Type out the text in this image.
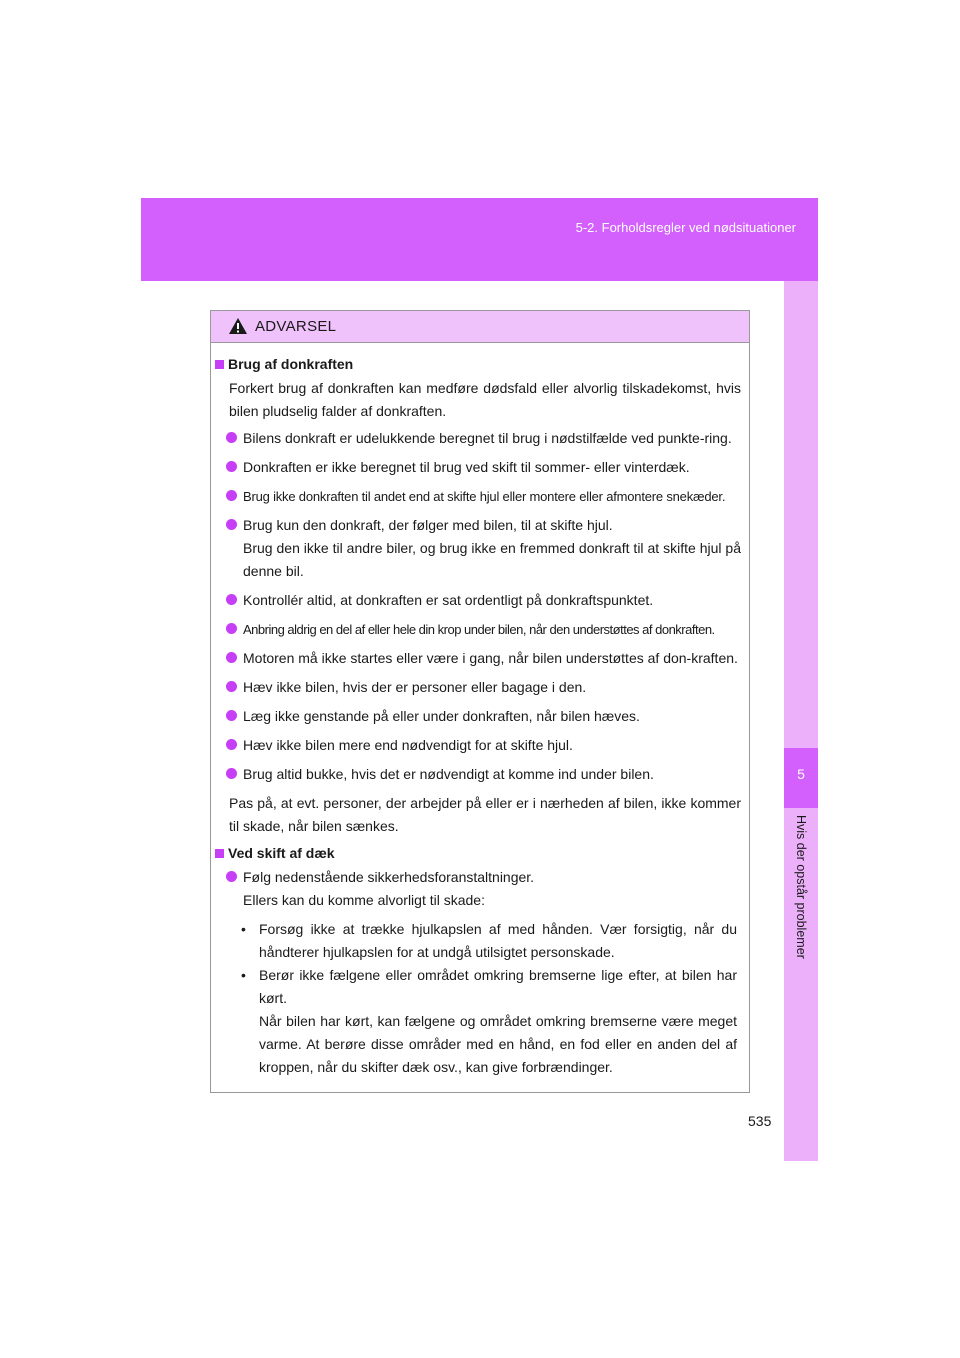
5-2. Forholdsregler ved nødsituationer
5
Hvis der opstår problemer
ADVARSEL
Brug af donkraften
Forkert brug af donkraften kan medføre dødsfald eller alvorlig tilskadekomst, hvis bilen pludselig falder af donkraften.
Bilens donkraft er udelukkende beregnet til brug i nødstilfælde ved punkte-ring.
Donkraften er ikke beregnet til brug ved skift til sommer- eller vinterdæk.
Brug ikke donkraften til andet end at skifte hjul eller montere eller afmontere snekæder.
Brug kun den donkraft, der følger med bilen, til at skifte hjul.
Brug den ikke til andre biler, og brug ikke en fremmed donkraft til at skifte hjul på denne bil.
Kontrollér altid, at donkraften er sat ordentligt på donkraftspunktet.
Anbring aldrig en del af eller hele din krop under bilen, når den understøttes af donkraften.
Motoren må ikke startes eller være i gang, når bilen understøttes af don-kraften.
Hæv ikke bilen, hvis der er personer eller bagage i den.
Læg ikke genstande på eller under donkraften, når bilen hæves.
Hæv ikke bilen mere end nødvendigt for at skifte hjul.
Brug altid bukke, hvis det er nødvendigt at komme ind under bilen.
Pas på, at evt. personer, der arbejder på eller er i nærheden af bilen, ikke kommer til skade, når bilen sænkes.
Ved skift af dæk
Følg nedenstående sikkerhedsforanstaltninger.
Ellers kan du komme alvorligt til skade:
• Forsøg ikke at trække hjulkapslen af med hånden. Vær forsigtig, når du håndterer hjulkapslen for at undgå utilsigtet personskade.
• Berør ikke fælgene eller området omkring bremserne lige efter, at bilen har kørt.
Når bilen har kørt, kan fælgene og området omkring bremserne være meget varme. At berøre disse områder med en hånd, en fod eller en anden del af kroppen, når du skifter dæk osv., kan give forbrændinger.
535
